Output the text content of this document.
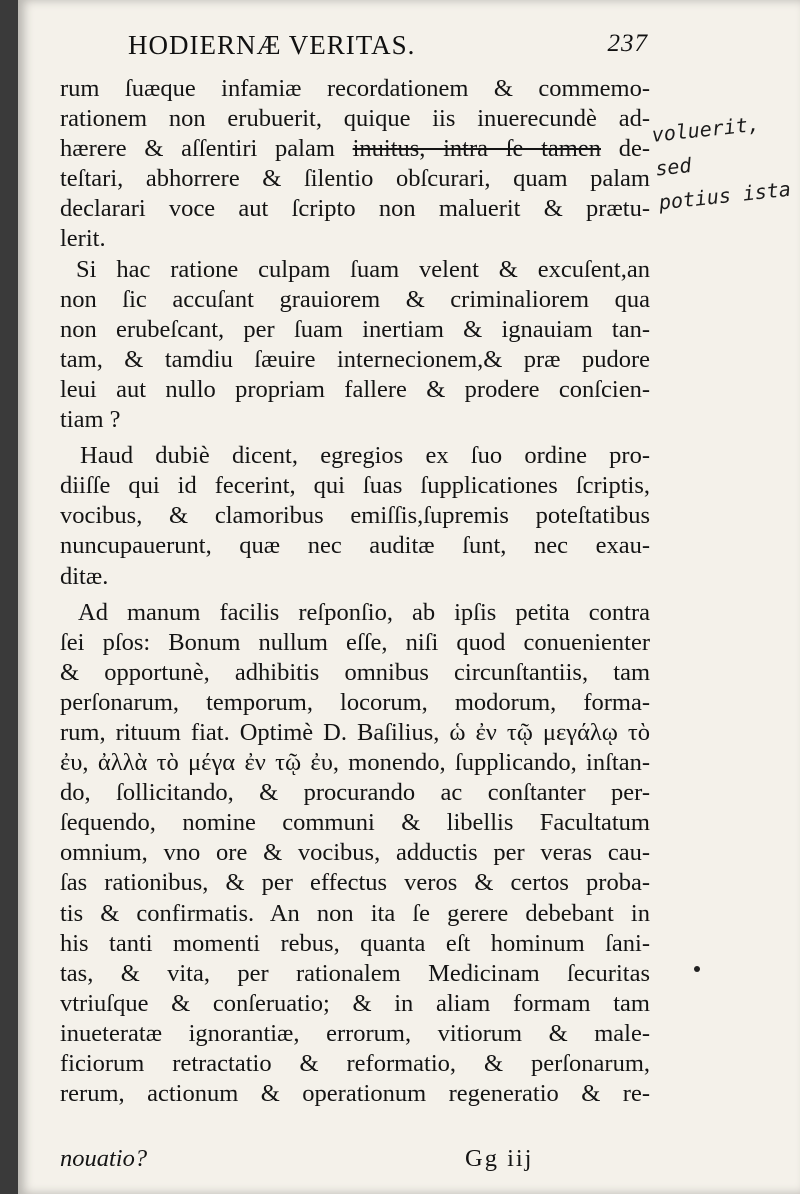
HODIERNÆ VERITAS.	237
rum ſuæque infamiæ recordationem & commemo-
rationem non erubuerit, quique iis inuerecundè ad-
hærere & aſſentiri palam inuitus, intra ſe tamen de-
teſtari, abhorrere & ſilentio obſcurari, quam palam
declarari voce aut ſcripto non maluerit & prætu-
lerit.
Si hac ratione culpam ſuam velent & excuſent,an
non ſic accuſant grauiorem & criminaliorem qua
non erubeſcant, per ſuam inertiam & ignauiam tan-
tam, & tamdiu ſæuire internecionem,& præ pudore
leui aut nullo propriam fallere & prodere conſcien-
tiam ?
Haud dubiè dicent, egregios ex ſuo ordine pro-
diiſſe qui id fecerint, qui ſuas ſupplicationes ſcriptis,
vocibus, & clamoribus emiſſis,ſupremis poteſtatibus
nuncupauerunt, quæ nec auditæ ſunt, nec exau-
ditæ.
Ad manum facilis reſponſio, ab ipſis petita contra
ſei pſos: Bonum nullum eſſe, niſi quod conuenienter
& opportunè, adhibitis omnibus circunſtantiis, tam
perſonarum, temporum, locorum, modorum, forma-
rum, rituum fiat. Optimè D. Baſilius, ὡ ἐν τῷ μεγάλῳ τὸ
ἐυ, ἀλλὰ τὸ μέγα ἐν τῷ ἐυ, monendo, ſupplicando, inſtan-
do, ſollicitando, & procurando ac conſtanter per-
ſequendo, nomine communi & libellis Facultatum
omnium, vno ore & vocibus, adductis per veras cau-
ſas rationibus, & per effectus veros & certos proba-
tis & confirmatis. An non ita ſe gerere debebant in
his tanti momenti rebus, quanta eſt hominum ſani-
tas, & vita, per rationalem Medicinam ſecuritas
vtriuſque & conſeruatio; & in aliam formam tam
inueteratæ ignorantiæ, errorum, vitiorum & male-
ficiorum retractatio & reformatio, & perſonarum,
rerum, actionum & operationum regeneratio & re-
nouatio?	Gg iij
voluerit, sed
potius ista
